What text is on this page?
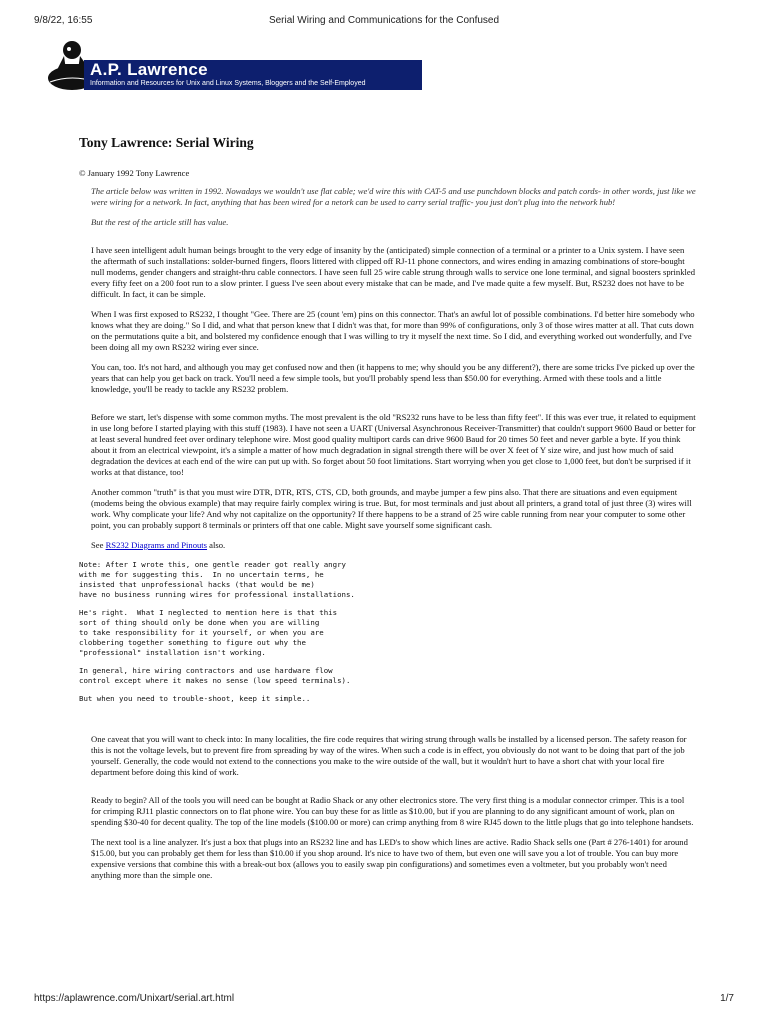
9/8/22, 16:55	Serial Wiring and Communications for the Confused
A.P. Lawrence
Information and Resources for Unix and Linux Systems, Bloggers and the Self-Employed
Tony Lawrence: Serial Wiring
© January 1992 Tony Lawrence
The article below was written in 1992. Nowadays we wouldn't use flat cable; we'd wire this with CAT-5 and use punchdown blocks and patch cords- in other words, just like we were wiring for a network. In fact, anything that has been wired for a netork can be used to carry serial traffic- you just don't plug into the network hub!
But the rest of the article still has value.

I have seen intelligent adult human beings brought to the very edge of insanity by the (anticipated) simple connection of a terminal or a printer to a Unix system. I have seen the aftermath of such installations: solder-burned fingers, floors littered with clipped off RJ-11 phone connectors, and wires ending in amazing combinations of store-bought null modems, gender changers and straight-thru cable connectors. I have seen full 25 wire cable strung through walls to service one lone terminal, and signal boosters sprinkled every fifty feet on a 200 foot run to a slow printer. I guess I've seen about every mistake that can be made, and I've made quite a few myself. But, RS232 does not have to be difficult. In fact, it can be simple.

When I was first exposed to RS232, I thought "Gee. There are 25 (count 'em) pins on this connector. That's an awful lot of possible combinations. I'd better hire somebody who knows what they are doing." So I did, and what that person knew that I didn't was that, for more than 99% of configurations, only 3 of those wires matter at all. That cuts down on the permutations quite a bit, and bolstered my confidence enough that I was willing to try it myself the next time. So I did, and everything worked out wonderfully, and I've been doing all my own RS232 wiring ever since.

You can, too. It's not hard, and although you may get confused now and then (it happens to me; why should you be any different?), there are some tricks I've picked up over the years that can help you get back on track. You'll need a few simple tools, but you'll probably spend less than $50.00 for everything. Armed with these tools and a little knowledge, you'll be ready to tackle any RS232 problem.

Before we start, let's dispense with some common myths. The most prevalent is the old "RS232 runs have to be less than fifty feet". If this was ever true, it related to equipment in use long before I started playing with this stuff (1983). I have not seen a UART (Universal Asynchronous Receiver-Transmitter) that couldn't support 9600 Baud or better for at least several hundred feet over ordinary telephone wire. Most good quality multiport cards can drive 9600 Baud for 20 times 50 feet and never garble a byte. If you think about it from an electrical viewpoint, it's a simple a matter of how much degradation in signal strength there will be over X feet of Y size wire, and just how much of said degradation the devices at each end of the wire can put up with. So forget about 50 foot limitations. Start worrying when you get close to 1,000 feet, but don't be surprised if it works at that distance, too!

Another common "truth" is that you must wire DTR, DTR, RTS, CTS, CD, both grounds, and maybe jumper a few pins also. That there are situations and even equipment (modems being the obvious example) that may require fairly complex wiring is true. But, for most terminals and just about all printers, a grand total of just three (3) wires will work. Why complicate your life? And why not capitalize on the opportunity? If there happens to be a strand of 25 wire cable running from near your computer to some other point, you can probably support 8 terminals or printers off that one cable. Might save yourself some significant cash.

See RS232 Diagrams and Pinouts also.

Note: After I wrote this, one gentle reader got really angry
with me for suggesting this.  In no uncertain terms, he
insisted that unprofessional hacks (that would be me)
have no business running wires for professional installations.
He's right.  What I neglected to mention here is that this
sort of thing should only be done when you are willing
to take responsibility for it yourself, or when you are
clobbering together something to figure out why the
"professional" installation isn't working.
In general, hire wiring contractors and use hardware flow
control except where it makes no sense (low speed terminals).
But when you need to trouble-shoot, keep it simple..

One caveat that you will want to check into: In many localities, the fire code requires that wiring strung through walls be installed by a licensed person. The safety reason for this is not the voltage levels, but to prevent fire from spreading by way of the wires. When such a code is in effect, you obviously do not want to be doing that part of the job yourself. Generally, the code would not extend to the connections you make to the wire outside of the wall, but it wouldn't hurt to have a short chat with your local fire department before doing this kind of work.

Ready to begin? All of the tools you will need can be bought at Radio Shack or any other electronics store. The very first thing is a modular connector crimper. This is a tool for crimping RJ11 plastic connectors on to flat phone wire. You can buy these for as little as $10.00, but if you are planning to do any significant amount of work, plan on spending $30-40 for decent quality. The top of the line models ($100.00 or more) can crimp anything from 8 wire RJ45 down to the little plugs that go into telephone handsets.

The next tool is a line analyzer. It's just a box that plugs into an RS232 line and has LED's to show which lines are active. Radio Shack sells one (Part # 276-1401) for around $15.00, but you can probably get them for less than $10.00 if you shop around. It's nice to have two of them, but even one will save you a lot of trouble. You can buy more expensive versions that combine this with a break-out box (allows you to easily swap pin configurations) and sometimes even a voltmeter, but you probably won't need anything more than the simple one.

https://aplawrence.com/Unixart/serial.art.html	1/7
